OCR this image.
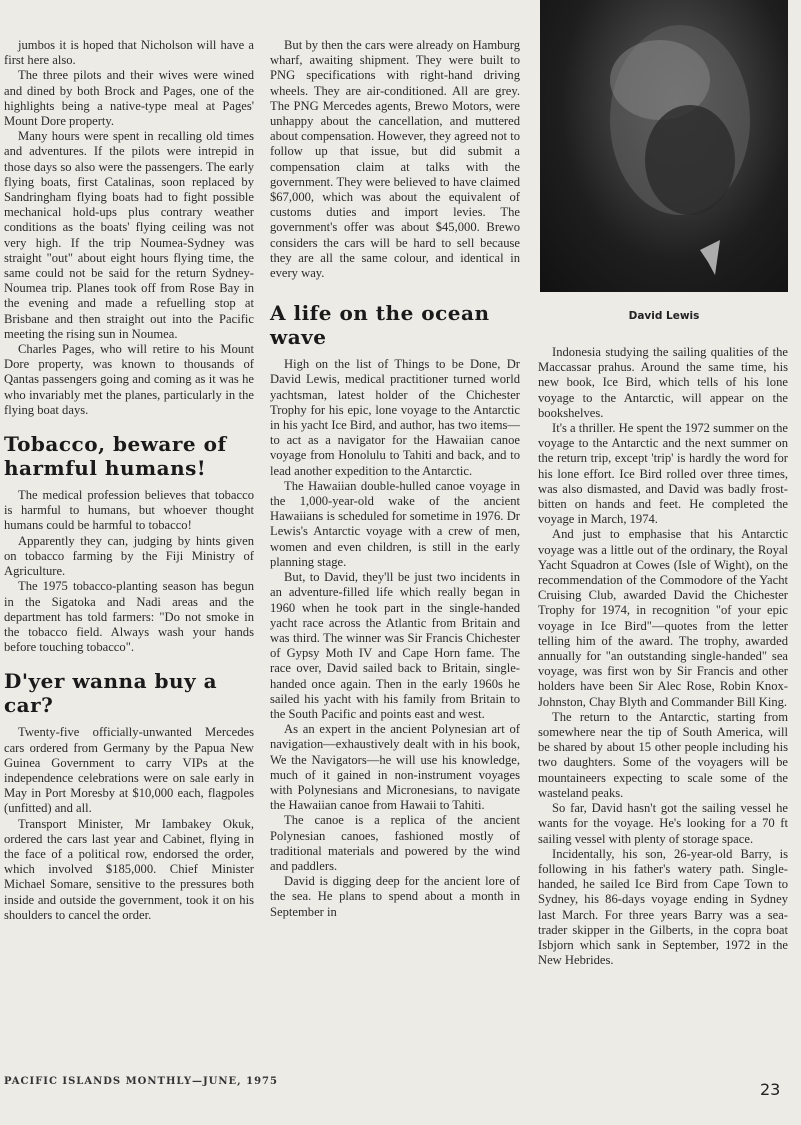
jumbos it is hoped that Nicholson will have a first here also.

The three pilots and their wives were wined and dined by both Brock and Pages, one of the highlights being a native-type meal at Pages' Mount Dore property.

Many hours were spent in recalling old times and adventures. If the pilots were intrepid in those days so also were the passengers. The early flying boats, first Catalinas, soon replaced by Sandringham flying boats had to fight possible mechanical hold-ups plus contrary weather conditions as the boats' flying ceiling was not very high. If the trip Noumea-Sydney was straight "out" about eight hours flying time, the same could not be said for the return Sydney-Noumea trip. Planes took off from Rose Bay in the evening and made a refuelling stop at Brisbane and then straight out into the Pacific meeting the rising sun in Noumea.

Charles Pages, who will retire to his Mount Dore property, was known to thousands of Qantas passengers going and coming as it was he who invariably met the planes, particularly in the flying boat days.

Tobacco, beware of harmful humans!

The medical profession believes that tobacco is harmful to humans, but whoever thought humans could be harmful to tobacco!

Apparently they can, judging by hints given on tobacco farming by the Fiji Ministry of Agriculture.

The 1975 tobacco-planting season has begun in the Sigatoka and Nadi areas and the department has told farmers: "Do not smoke in the tobacco field. Always wash your hands before touching tobacco".

D'yer wanna buy a car?

Twenty-five officially-unwanted Mercedes cars ordered from Germany by the Papua New Guinea Government to carry VIPs at the independence celebrations were on sale early in May in Port Moresby at $10,000 each, flagpoles (unfitted) and all.

Transport Minister, Mr Iambakey Okuk, ordered the cars last year and Cabinet, flying in the face of a political row, endorsed the order, which involved $185,000. Chief Minister Michael Somare, sensitive to the pressures both inside and outside the government, took it on his shoulders to cancel the order.

But by then the cars were already on Hamburg wharf, awaiting shipment. They were built to PNG specifications with right-hand driving wheels. They are air-conditioned. All are grey. The PNG Mercedes agents, Brewo Motors, were unhappy about the cancellation, and muttered about compensation. However, they agreed not to follow up that issue, but did submit a compensation claim at talks with the government. They were believed to have claimed $67,000, which was about the equivalent of customs duties and import levies. The government's offer was about $45,000. Brewo considers the cars will be hard to sell because they are all the same colour, and identical in every way.

A life on the ocean wave

High on the list of Things to be Done, Dr David Lewis, medical practitioner turned world yachtsman, latest holder of the Chichester Trophy for his epic, lone voyage to the Antarctic in his yacht Ice Bird, and author, has two items—to act as a navigator for the Hawaiian canoe voyage from Honolulu to Tahiti and back, and to lead another expedition to the Antarctic.

The Hawaiian double-hulled canoe voyage in the 1,000-year-old wake of the ancient Hawaiians is scheduled for sometime in 1976. Dr Lewis's Antarctic voyage with a crew of men, women and even children, is still in the early planning stage.

But, to David, they'll be just two incidents in an adventure-filled life which really began in 1960 when he took part in the single-handed yacht race across the Atlantic from Britain and was third. The winner was Sir Francis Chichester of Gypsy Moth IV and Cape Horn fame. The race over, David sailed back to Britain, single-handed once again. Then in the early 1960s he sailed his yacht with his family from Britain to the South Pacific and points east and west.

As an expert in the ancient Polynesian art of navigation—exhaustively dealt with in his book, We the Navigators—he will use his knowledge, much of it gained in non-instrument voyages with Polynesians and Micronesians, to navigate the Hawaiian canoe from Hawaii to Tahiti.

The canoe is a replica of the ancient Polynesian canoes, fashioned mostly of traditional materials and powered by the wind and paddlers.

David is digging deep for the ancient lore of the sea. He plans to spend about a month in September in

David Lewis

Indonesia studying the sailing qualities of the Maccassar prahus. Around the same time, his new book, Ice Bird, which tells of his lone voyage to the Antarctic, will appear on the bookshelves.

It's a thriller. He spent the 1972 summer on the voyage to the Antarctic and the next summer on the return trip, except 'trip' is hardly the word for his lone effort. Ice Bird rolled over three times, was also dismasted, and David was badly frost-bitten on hands and feet. He completed the voyage in March, 1974.

And just to emphasise that his Antarctic voyage was a little out of the ordinary, the Royal Yacht Squadron at Cowes (Isle of Wight), on the recommendation of the Commodore of the Yacht Cruising Club, awarded David the Chichester Trophy for 1974, in recognition "of your epic voyage in Ice Bird"—quotes from the letter telling him of the award. The trophy, awarded annually for "an outstanding single-handed" sea voyage, was first won by Sir Francis and other holders have been Sir Alec Rose, Robin Knox-Johnston, Chay Blyth and Commander Bill King.

The return to the Antarctic, starting from somewhere near the tip of South America, will be shared by about 15 other people including his two daughters. Some of the voyagers will be mountaineers expecting to scale some of the wasteland peaks.

So far, David hasn't got the sailing vessel he wants for the voyage. He's looking for a 70 ft sailing vessel with plenty of storage space.

Incidentally, his son, 26-year-old Barry, is following in his father's watery path. Single-handed, he sailed Ice Bird from Cape Town to Sydney, his 86-days voyage ending in Sydney last March. For three years Barry was a sea-trader skipper in the Gilberts, in the copra boat Isbjorn which sank in September, 1972 in the New Hebrides.

PACIFIC ISLANDS MONTHLY—JUNE, 1975	23
